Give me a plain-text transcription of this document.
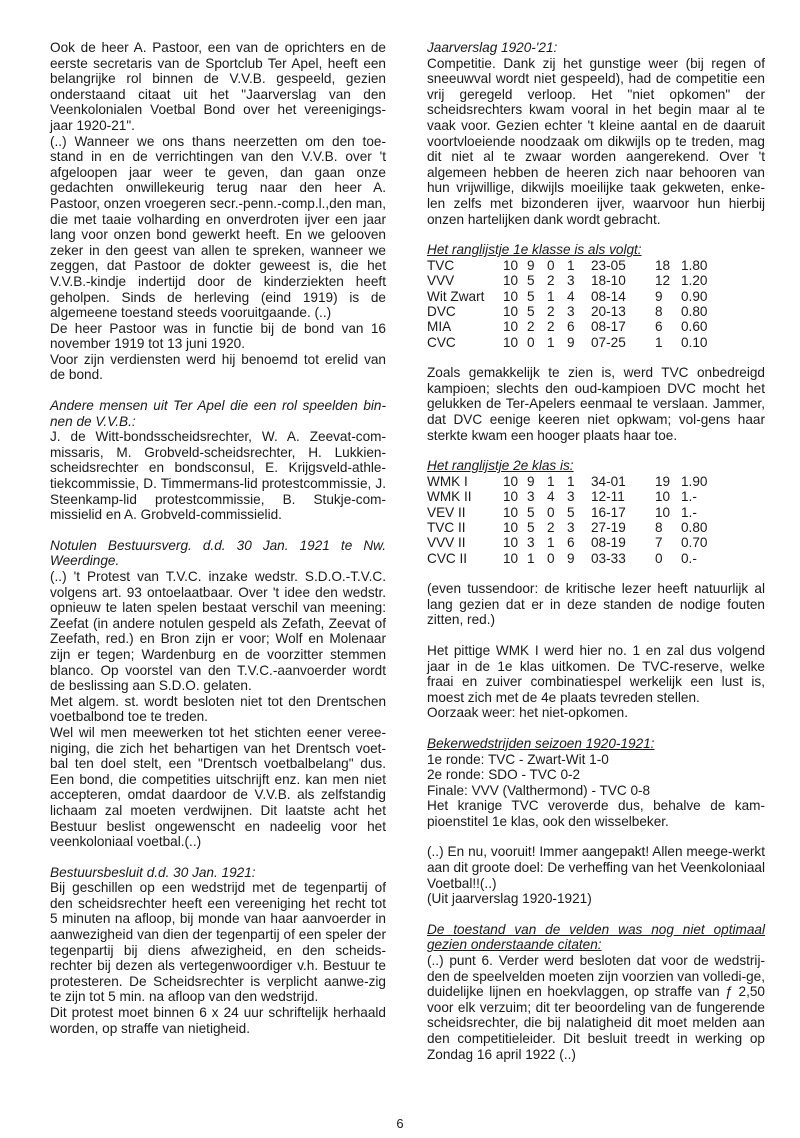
Ook de heer A. Pastoor, een van de oprichters en de eerste secretaris van de Sportclub Ter Apel, heeft een belangrijke rol binnen de V.V.B. gespeeld, gezien onderstaand citaat uit het "Jaarverslag van den Veenkolonialen Voetbal Bond over het vereenigings-jaar 1920-21".

(..) Wanneer we ons thans neerzetten om den toe-stand in en de verrichtingen van den V.V.B. over 't afgeloopen jaar weer te geven, dan gaan onze gedachten onwillekeurig terug naar den heer A. Pastoor, onzen vroegeren secr.-penn.-comp.l.,den man, die met taaie volharding en onverdroten ijver een jaar lang voor onzen bond gewerkt heeft. En we gelooven zeker in den geest van allen te spreken, wanneer we zeggen, dat Pastoor de dokter geweest is, die het V.V.B.-kindje indertijd door de kinderziekten heeft geholpen. Sinds de herleving (eind 1919) is de algemeene toestand steeds vooruitgaande. (..)

De heer Pastoor was in functie bij de bond van 16 november 1919 tot 13 juni 1920.

Voor zijn verdiensten werd hij benoemd tot erelid van de bond.

Andere mensen uit Ter Apel die een rol speelden bin-nen de V.V.B.:

J. de Witt-bondsscheidsrechter, W. A. Zeevat-com-missaris, M. Grobveld-scheidsrechter, H. Lukkien-scheidsrechter en bondsconsul, E. Krijgsveld-athle-tiekcommissie, D. Timmermans-lid protestcommissie, J. Steenkamp-lid protestcommissie, B. Stukje-com-missielid en A. Grobveld-commissielid.

Notulen Bestuursverg. d.d. 30 Jan. 1921 te Nw. Weerdinge.

(..) 't Protest van T.V.C. inzake wedstr. S.D.O.-T.V.C. volgens art. 93 ontoelaatbaar. Over 't idee den wedstr. opnieuw te laten spelen bestaat verschil van meening: Zeefat (in andere notulen gespeld als Zefath, Zeevat of Zeefath, red.) en Bron zijn er voor; Wolf en Molenaar zijn er tegen; Wardenburg en de voorzitter stemmen blanco. Op voorstel van den T.V.C.-aanvoerder wordt de beslissing aan S.D.O. gelaten.

Met algem. st. wordt besloten niet tot den Drentschen voetbalbond toe te treden.

Wel wil men meewerken tot het stichten eener veree-niging, die zich het behartigen van het Drentsch voet-bal ten doel stelt, een "Drentsch voetbalbelang" dus. Een bond, die competities uitschrijft enz. kan men niet accepteren, omdat daardoor de V.V.B. als zelfstandig lichaam zal moeten verdwijnen. Dit laatste acht het Bestuur beslist ongewenscht en nadeelig voor het veenkoloniaal voetbal.(..)

Bestuursbesluit d.d. 30 Jan. 1921:

Bij geschillen op een wedstrijd met de tegenpartij of den scheidsrechter heeft een vereeniging het recht tot 5 minuten na afloop, bij monde van haar aanvoerder in aanwezigheid van dien der tegenpartij of een speler der tegenpartij bij diens afwezigheid, en den scheids-rechter bij dezen als vertegenwoordiger v.h. Bestuur te protesteren. De Scheidsrechter is verplicht aanwe-zig te zijn tot 5 min. na afloop van den wedstrijd.

Dit protest moet binnen 6 x 24 uur schriftelijk herhaald worden, op straffe van nietigheid.

Jaarverslag 1920-'21:

Competitie. Dank zij het gunstige weer (bij regen of sneeuwval wordt niet gespeeld), had de competitie een vrij geregeld verloop. Het "niet opkomen" der scheidsrechters kwam vooral in het begin maar al te vaak voor. Gezien echter 't kleine aantal en de daaruit voortvloeiende noodzaak om dikwijls op te treden, mag dit niet al te zwaar worden aangerekend. Over 't algemeen hebben de heeren zich naar behooren van hun vrijwillige, dikwijls moeilijke taak gekweten, enke-len zelfs met bizonderen ijver, waarvoor hun hierbij onzen hartelijken dank wordt gebracht.

Het ranglijstje 1e klasse is als volgt:

TVC	10	9	0	1	23-05	18	1.80
VVV	10	5	2	3	18-10	12	1.20
Wit Zwart	10	5	1	4	08-14	9	0.90
DVC	10	5	2	3	20-13	8	0.80
MIA	10	2	2	6	08-17	6	0.60
CVC	10	0	1	9	07-25	1	0.10

Zoals gemakkelijk te zien is, werd TVC onbedreigd kampioen; slechts den oud-kampioen DVC mocht het gelukken de Ter-Apelers eenmaal te verslaan. Jammer, dat DVC eenige keeren niet opkwam; vol-gens haar sterkte kwam een hooger plaats haar toe.

Het ranglijstje 2e klas is:

WMK I	10	9	1	1	34-01	19	1.90
WMK II	10	3	4	3	12-11	10	1.-
VEV II	10	5	0	5	16-17	10	1.-
TVC II	10	5	2	3	27-19	8	0.80
VVV II	10	3	1	6	08-19	7	0.70
CVC II	10	1	0	9	03-33	0	0.-

(even tussendoor: de kritische lezer heeft natuurlijk al lang gezien dat er in deze standen de nodige fouten zitten, red.)

Het pittige WMK I werd hier no. 1 en zal dus volgend jaar in de 1e klas uitkomen. De TVC-reserve, welke fraai en zuiver combinatiespel werkelijk een lust is, moest zich met de 4e plaats tevreden stellen.

Oorzaak weer: het niet-opkomen.

Bekerwedstrijden seizoen 1920-1921:

1e ronde: TVC - Zwart-Wit 1-0

2e ronde: SDO - TVC 0-2

Finale: VVV (Valthermond) - TVC 0-8

Het kranige TVC veroverde dus, behalve de kam-pioenstitel 1e klas, ook den wisselbeker.

(..) En nu, vooruit! Immer aangepakt! Allen meege-werkt aan dit groote doel: De verheffing van het Veenkoloniaal Voetbal!!(..)

(Uit jaarverslag 1920-1921)

De toestand van de velden was nog niet optimaal gezien onderstaande citaten:

(..) punt 6. Verder werd besloten dat voor de wedstrij-den de speelvelden moeten zijn voorzien van volledi-ge, duidelijke lijnen en hoekvlaggen, op straffe van ƒ 2,50 voor elk verzuim; dit ter beoordeling van de fungerende scheidsrechter, die bij nalatigheid dit moet melden aan den competitieleider. Dit besluit treedt in werking op Zondag 16 april 1922 (..)

6
